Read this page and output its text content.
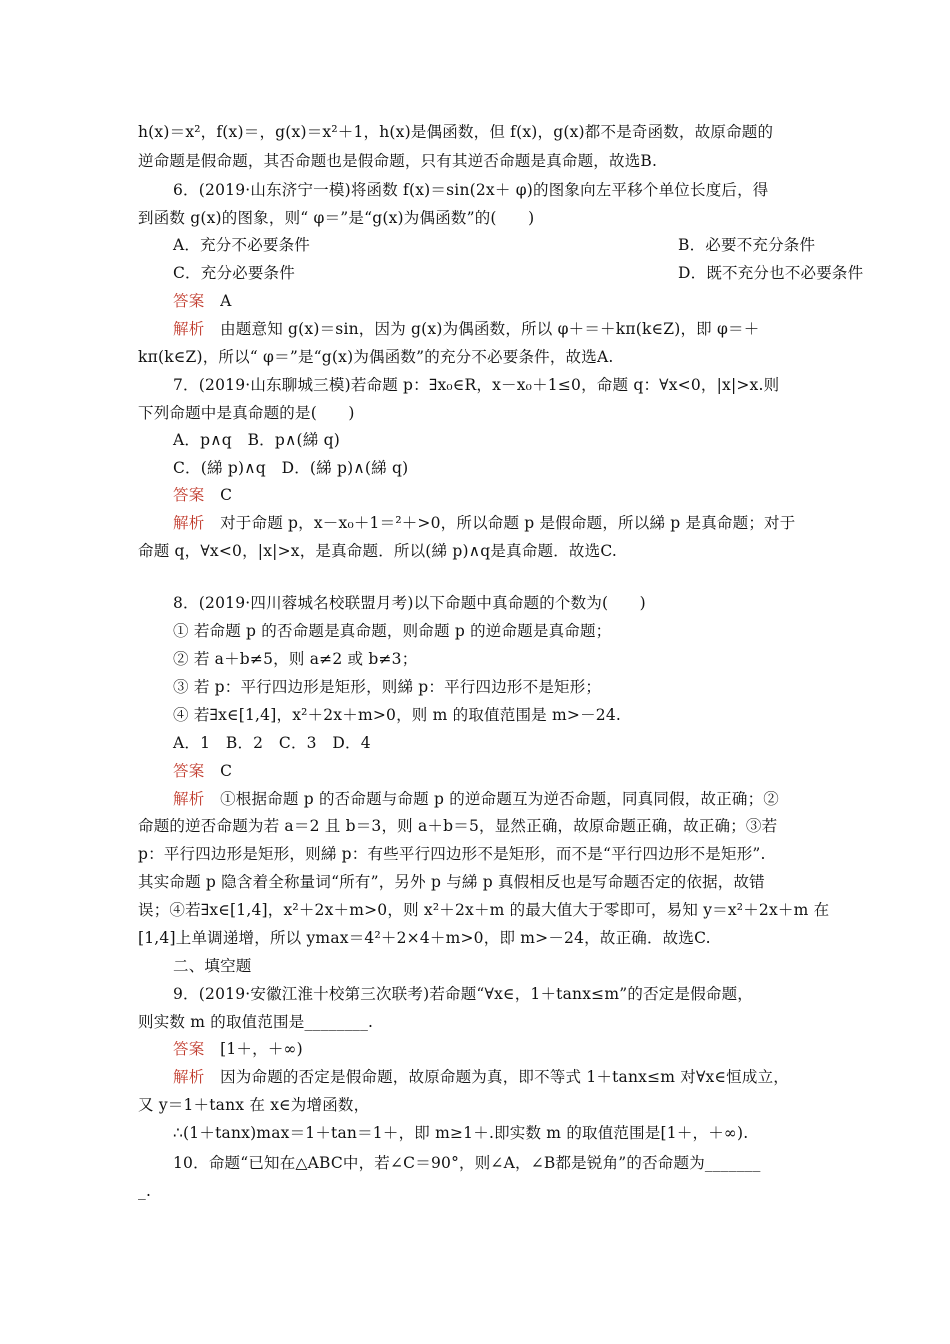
h(x)＝x²，f(x)＝，g(x)＝x²＋1，h(x)是偶函数，但 f(x)，g(x)都不是奇函数，故原命题的
逆命题是假命题，其否命题也是假命题，只有其逆否命题是真命题，故选B.
6．(2019·山东济宁一模)将函数 f(x)＝sin(2x＋ φ)的图象向左平移个单位长度后，得
到函数 g(x)的图象，则“ φ＝”是“g(x)为偶函数”的(　　)
A．充分不必要条件	B．必要不充分条件
C．充分必要条件	D．既不充分也不必要条件
答案　 A
解析　 由题意知 g(x)＝sin，因为 g(x)为偶函数，所以 φ＋＝＋kπ(k∈Z)，即 φ＝＋
kπ(k∈Z)，所以“ φ＝”是“g(x)为偶函数”的充分不必要条件，故选A.
7．(2019·山东聊城三模)若命题 p：∃x₀∈R，x－x₀＋1≤0，命题 q：∀x<0，|x|>x.则
下列命题中是真命题的是(　　)
A．p∧q　B．p∧(綈 q)
C．(綈 p)∧q　D．(綈 p)∧(綈 q)
答案　 C
解析　 对于命题 p，x－x₀＋1＝²＋>0，所以命题 p 是假命题，所以綈 p 是真命题；对于
命题 q，∀x<0，|x|>x，是真命题．所以(綈 p)∧q是真命题．故选C.
8．(2019·四川蓉城名校联盟月考)以下命题中真命题的个数为(　　)
① 若命题 p 的否命题是真命题，则命题 p 的逆命题是真命题；
② 若 a＋b≠5，则 a≠2 或 b≠3；
③ 若 p：平行四边形是矩形，则綈 p：平行四边形不是矩形；
④ 若∃x∈[1,4]，x²＋2x＋m>0，则 m 的取值范围是 m>－24.
A．1　B．2　C．3　D．4
答案　 C
解析　 ①根据命题 p 的否命题与命题 p 的逆命题互为逆否命题，同真同假，故正确；②
命题的逆否命题为若 a＝2 且 b＝3，则 a＋b＝5，显然正确，故原命题正确，故正确；③若
p：平行四边形是矩形，则綈 p：有些平行四边形不是矩形，而不是“平行四边形不是矩形”.
其实命题 p 隐含着全称量词“所有”，另外 p 与綈 p 真假相反也是写命题否定的依据，故错
误；④若∃x∈[1,4]，x²＋2x＋m>0，则 x²＋2x＋m 的最大值大于零即可，易知 y＝x²＋2x＋m 在
[1,4]上单调递增，所以 ymax＝4²＋2×4＋m>0，即 m>－24，故正确．故选C.
二、填空题
9．(2019·安徽江淮十校第三次联考)若命题“∀x∈，1＋tanx≤m”的否定是假命题，
则实数 m 的取值范围是________.
答案　 [1＋，＋∞)
解析　 因为命题的否定是假命题，故原命题为真，即不等式 1＋tanx≤m 对∀x∈恒成立，
又 y＝1＋tanx 在 x∈为增函数，
∴(1＋tanx)max＝1＋tan＝1＋，即 m≥1＋.即实数 m 的取值范围是[1＋，＋∞).
10．命题“已知在△ABC中，若∠C＝90°，则∠A，∠B都是锐角”的否命题为_______
_.
